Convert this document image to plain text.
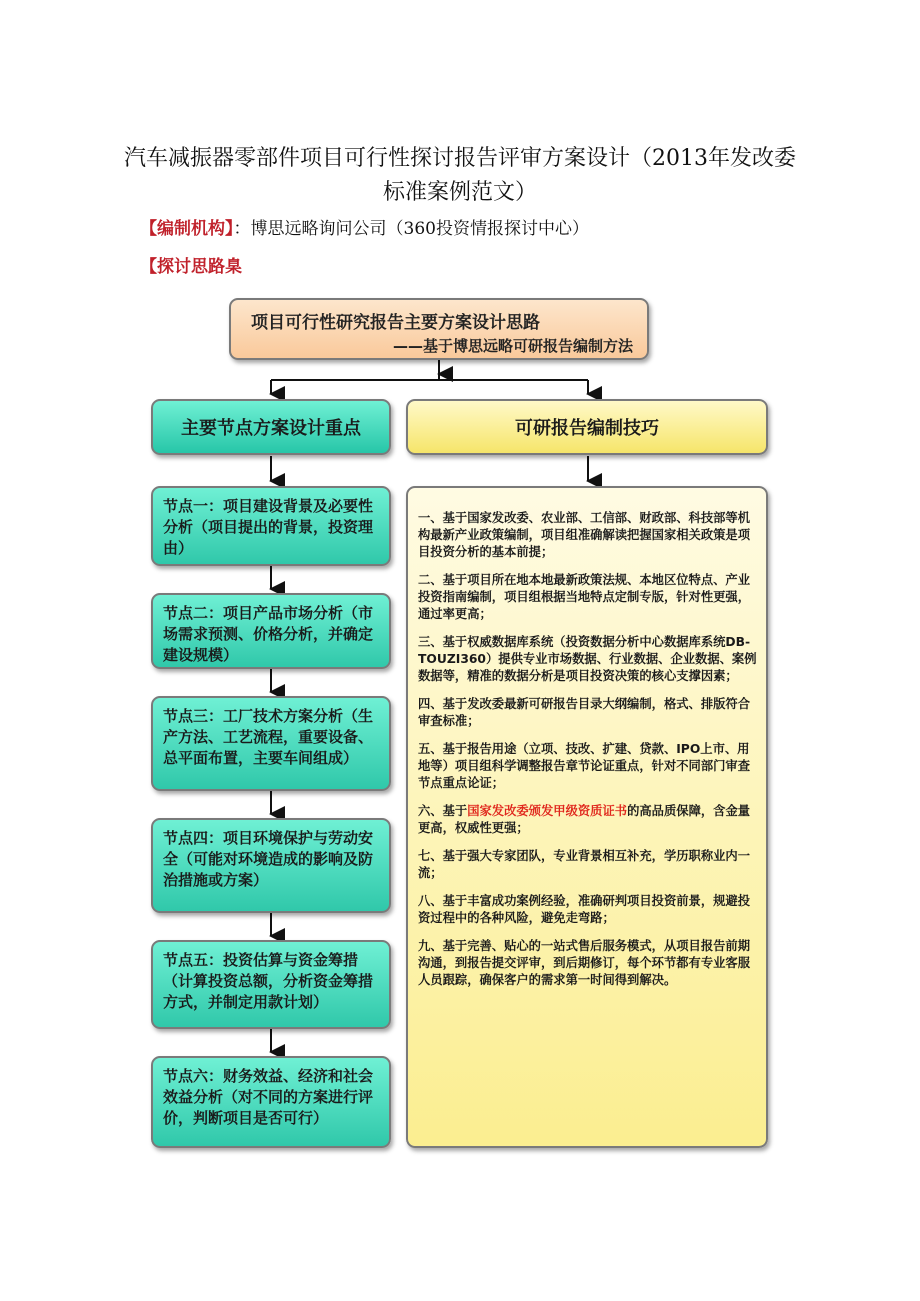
汽车减振器零部件项目可行性探讨报告评审方案设计（2013年发改委标准案例范文）
【编制机构】：博思远略询问公司（360投资情报探讨中心）
【探讨思路臬
项目可行性研究报告主要方案设计思路
——基于博思远略可研报告编制方法
主要节点方案设计重点	可研报告编制技巧
节点一：项目建设背景及必要性分析（项目提出的背景，投资理由）
节点二：项目产品市场分析（市场需求预测、价格分析，并确定建设规模）
节点三：工厂技术方案分析（生产方法、工艺流程，重要设备、总平面布置，主要车间组成）
节点四：项目环境保护与劳动安全（可能对环境造成的影响及防治措施或方案）
节点五：投资估算与资金筹措（计算投资总额，分析资金筹措方式，并制定用款计划）
节点六：财务效益、经济和社会效益分析（对不同的方案进行评价，判断项目是否可行）
一、基于国家发改委、农业部、工信部、财政部、科技部等机构最新产业政策编制，项目组准确解读把握国家相关政策是项目投资分析的基本前提；
二、基于项目所在地本地最新政策法规、本地区位特点、产业投资指南编制，项目组根据当地特点定制专版，针对性更强，通过率更高；
三、基于权威数据库系统（投资数据分析中心数据库系统DB-TOUZI360）提供专业市场数据、行业数据、企业数据、案例数据等，精准的数据分析是项目投资决策的核心支撑因素；
四、基于发改委最新可研报告目录大纲编制，格式、排版符合审查标准；
五、基于报告用途（立项、技改、扩建、贷款、IPO上市、用地等）项目组科学调整报告章节论证重点，针对不同部门审查节点重点论证；
六、基于国家发改委颁发甲级资质证书的高品质保障，含金量更高，权威性更强；
七、基于强大专家团队，专业背景相互补充，学历职称业内一流；
八、基于丰富成功案例经验，准确研判项目投资前景，规避投资过程中的各种风险，避免走弯路；
九、基于完善、贴心的一站式售后服务模式，从项目报告前期沟通，到报告提交评审，到后期修订，每个环节都有专业客服人员跟踪，确保客户的需求第一时间得到解决。
